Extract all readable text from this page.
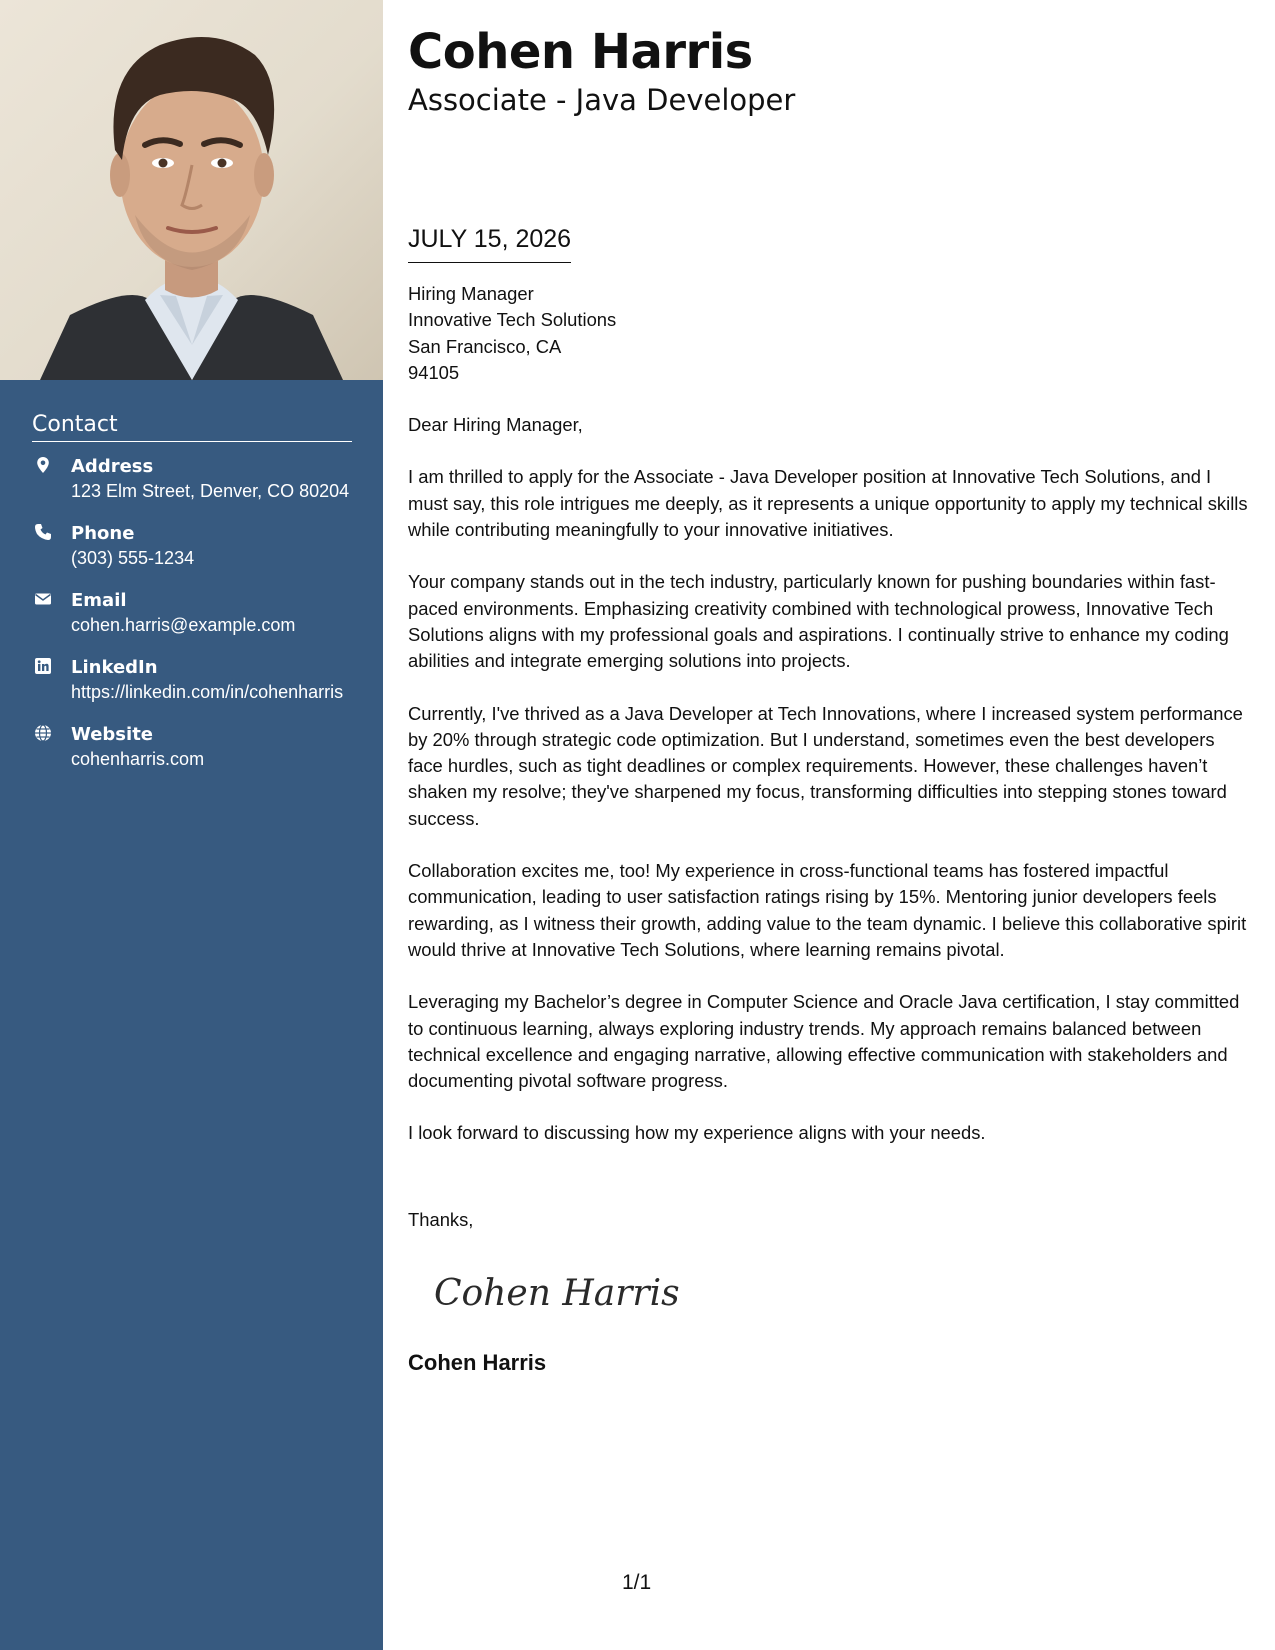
Contact
Address
123 Elm Street, Denver, CO 80204
Phone
(303) 555-1234
Email
cohen.harris@example.com
LinkedIn
https://linkedin.com/in/cohenharris
Website
cohenharris.com
Cohen Harris
Associate - Java Developer
JULY 15, 2026
Hiring Manager
Innovative Tech Solutions
San Francisco, CA
94105

Dear Hiring Manager,

I am thrilled to apply for the Associate - Java Developer position at Innovative Tech Solutions, and I must say, this role intrigues me deeply, as it represents a unique opportunity to apply my technical skills while contributing meaningfully to your innovative initiatives.

Your company stands out in the tech industry, particularly known for pushing boundaries within fast-paced environments. Emphasizing creativity combined with technological prowess, Innovative Tech Solutions aligns with my professional goals and aspirations. I continually strive to enhance my coding abilities and integrate emerging solutions into projects.

Currently, I've thrived as a Java Developer at Tech Innovations, where I increased system performance by 20% through strategic code optimization. But I understand, sometimes even the best developers face hurdles, such as tight deadlines or complex requirements. However, these challenges haven’t shaken my resolve; they've sharpened my focus, transforming difficulties into stepping stones toward success.

Collaboration excites me, too! My experience in cross-functional teams has fostered impactful communication, leading to user satisfaction ratings rising by 15%. Mentoring junior developers feels rewarding, as I witness their growth, adding value to the team dynamic. I believe this collaborative spirit would thrive at Innovative Tech Solutions, where learning remains pivotal.

Leveraging my Bachelor’s degree in Computer Science and Oracle Java certification, I stay committed to continuous learning, always exploring industry trends. My approach remains balanced between technical excellence and engaging narrative, allowing effective communication with stakeholders and documenting pivotal software progress.

I look forward to discussing how my experience aligns with your needs.

Thanks,
Cohen Harris
Cohen Harris
1/1
